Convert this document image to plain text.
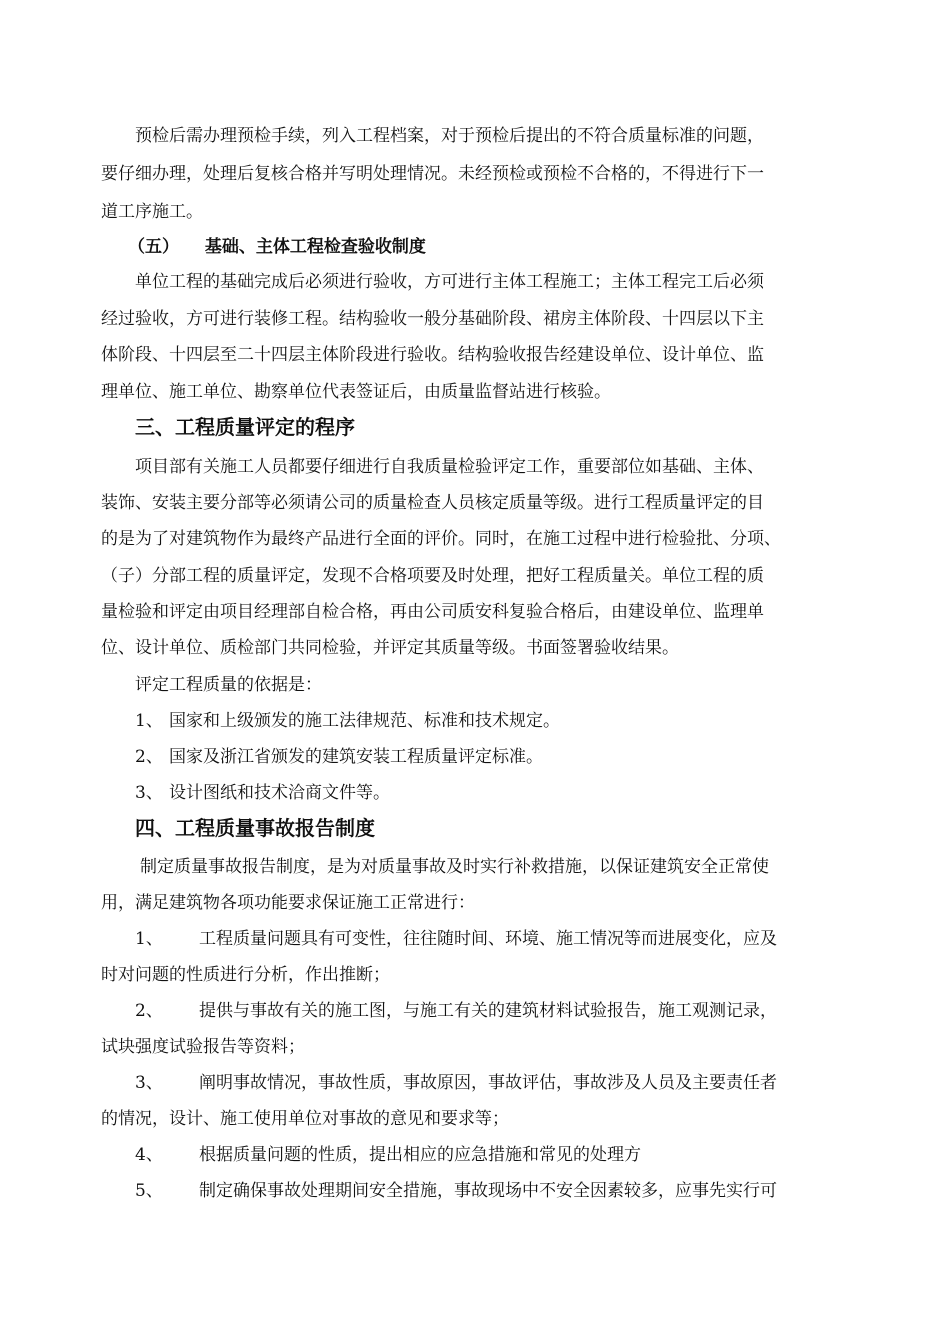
预检后需办理预检手续，列入工程档案，对于预检后提出的不符合质量标准的问题，
要仔细办理，处理后复核合格并写明处理情况。未经预检或预检不合格的，不得进行下一
道工序施工。
（五） 基础、主体工程检查验收制度
单位工程的基础完成后必须进行验收，方可进行主体工程施工；主体工程完工后必须
经过验收，方可进行装修工程。结构验收一般分基础阶段、裙房主体阶段、十四层以下主
体阶段、十四层至二十四层主体阶段进行验收。结构验收报告经建设单位、设计单位、监
理单位、施工单位、勘察单位代表签证后，由质量监督站进行核验。
三、工程质量评定的程序
项目部有关施工人员都要仔细进行自我质量检验评定工作，重要部位如基础、主体、
装饰、安装主要分部等必须请公司的质量检查人员核定质量等级。进行工程质量评定的目
的是为了对建筑物作为最终产品进行全面的评价。同时，在施工过程中进行检验批、分项、
（子）分部工程的质量评定，发现不合格项要及时处理，把好工程质量关。单位工程的质
量检验和评定由项目经理部自检合格，再由公司质安科复验合格后，由建设单位、监理单
位、设计单位、质检部门共同检验，并评定其质量等级。书面签署验收结果。
评定工程质量的依据是：
1、 国家和上级颁发的施工法律规范、标准和技术规定。
2、 国家及浙江省颁发的建筑安装工程质量评定标准。
3、 设计图纸和技术洽商文件等。
四、工程质量事故报告制度
制定质量事故报告制度，是为对质量事故及时实行补救措施，以保证建筑安全正常使
用，满足建筑物各项功能要求保证施工正常进行：
1、 工程质量问题具有可变性，往往随时间、环境、施工情况等而进展变化，应及
时对问题的性质进行分析，作出推断；
2、 提供与事故有关的施工图，与施工有关的建筑材料试验报告，施工观测记录，
试块强度试验报告等资料；
3、 阐明事故情况，事故性质，事故原因，事故评估，事故涉及人员及主要责任者
的情况，设计、施工使用单位对事故的意见和要求等；
4、 根据质量问题的性质，提出相应的应急措施和常见的处理方
5、 制定确保事故处理期间安全措施，事故现场中不安全因素较多，应事先实行可
